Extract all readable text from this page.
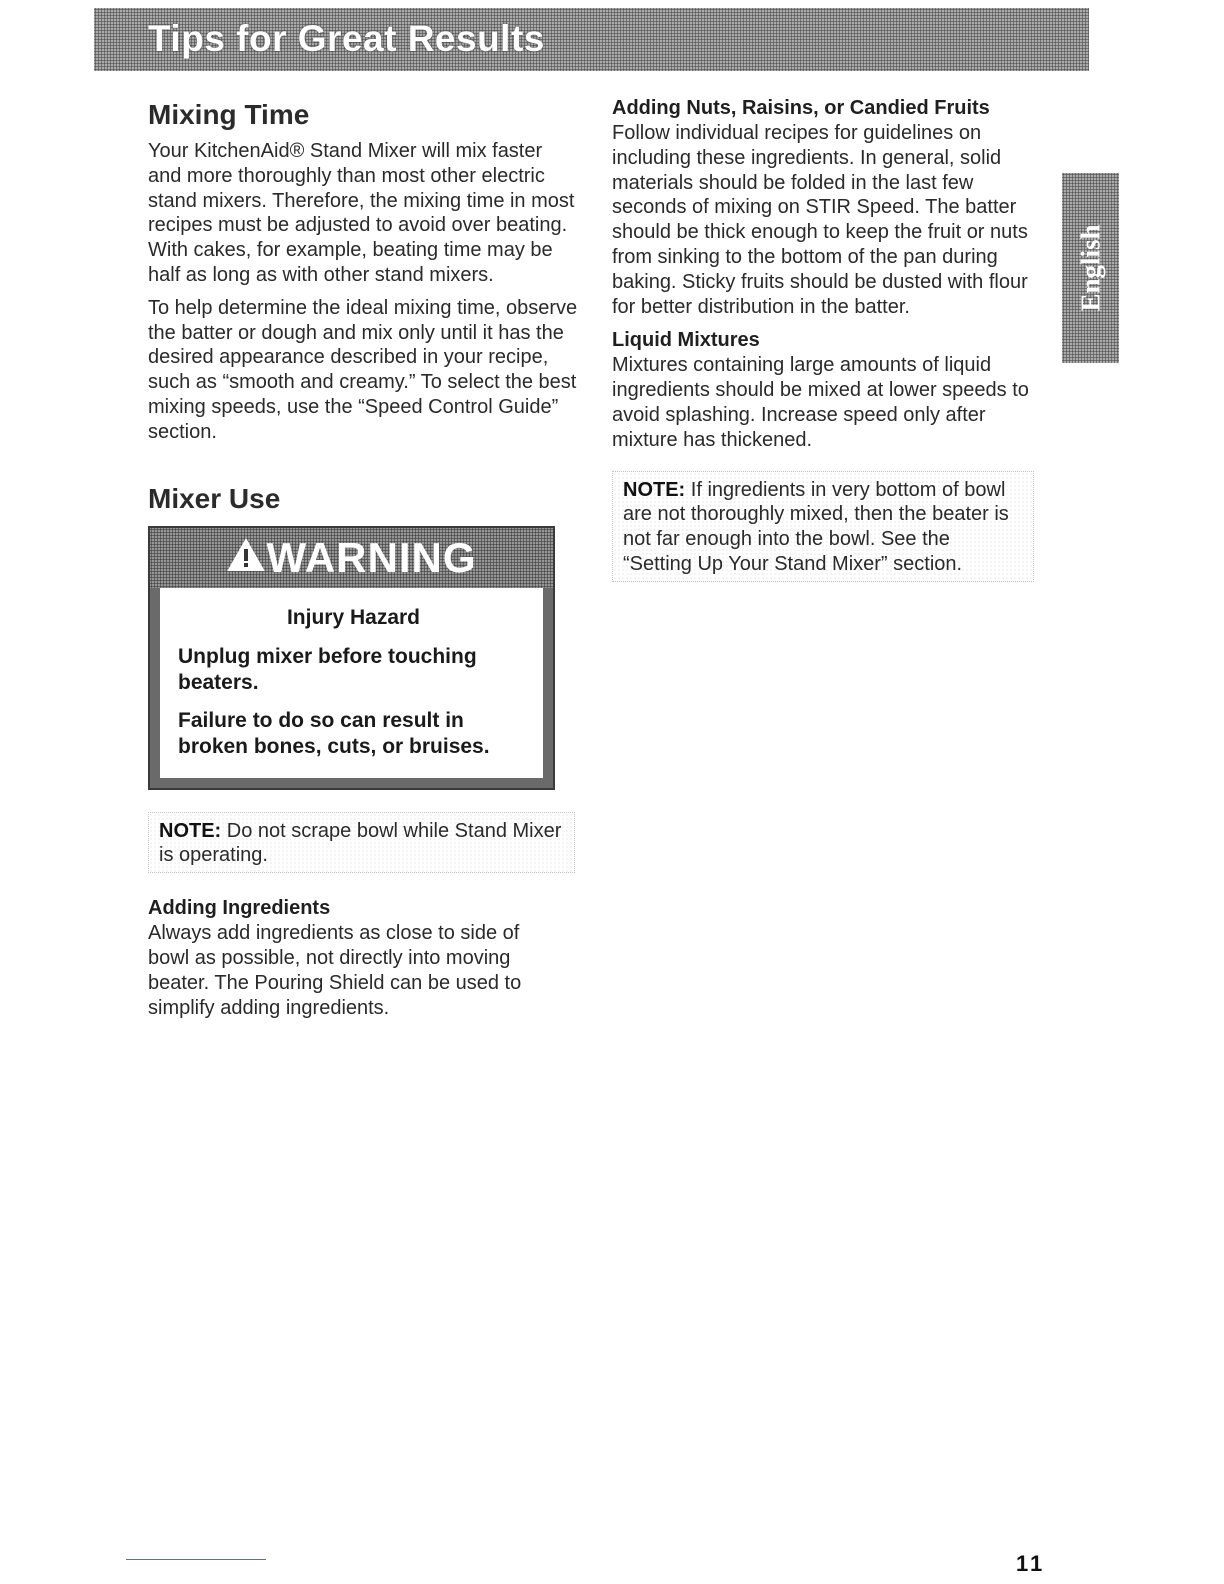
Tips for Great Results
English
Mixing Time

Your KitchenAid® Stand Mixer will mix faster and more thoroughly than most other electric stand mixers. Therefore, the mixing time in most recipes must be adjusted to avoid over beating. With cakes, for example, beating time may be half as long as with other stand mixers.

To help determine the ideal mixing time, observe the batter or dough and mix only until it has the desired appearance described in your recipe, such as “smooth and creamy.” To select the best mixing speeds, use the “Speed Control Guide” section.

Mixer Use
WARNING
Injury Hazard
Unplug mixer before touching beaters.
Failure to do so can result in broken bones, cuts, or bruises.

NOTE: Do not scrape bowl while Stand Mixer is operating.

Adding Ingredients

Always add ingredients as close to side of bowl as possible, not directly into moving beater. The Pouring Shield can be used to simplify adding ingredients.

Adding Nuts, Raisins, or Candied Fruits

Follow individual recipes for guidelines on including these ingredients. In general, solid materials should be folded in the last few seconds of mixing on STIR Speed. The batter should be thick enough to keep the fruit or nuts from sinking to the bottom of the pan during baking. Sticky fruits should be dusted with flour for better distribution in the batter.

Liquid Mixtures

Mixtures containing large amounts of liquid ingredients should be mixed at lower speeds to avoid splashing. Increase speed only after mixture has thickened.

NOTE: If ingredients in very bottom of bowl are not thoroughly mixed, then the beater is not far enough into the bowl. See the “Setting Up Your Stand Mixer” section.

11
